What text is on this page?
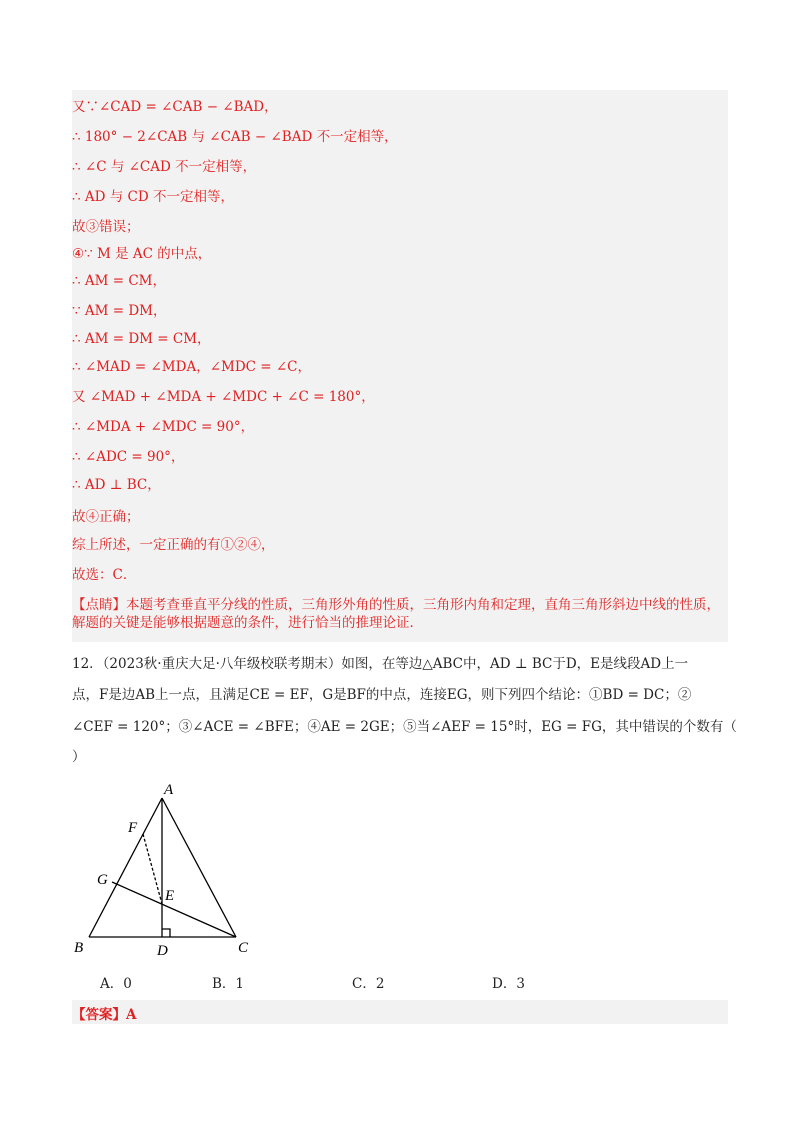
又∵∠CAD = ∠CAB − ∠BAD，
∴ 180° − 2∠CAB 与 ∠CAB − ∠BAD 不一定相等，
∴ ∠C 与 ∠CAD 不一定相等，
∴ AD 与 CD 不一定相等，
故③错误；
④∵ M 是 AC 的中点，
∴ AM = CM，
∵ AM = DM，
∴ AM = DM = CM，
∴ ∠MAD = ∠MDA，∠MDC = ∠C，
又 ∠MAD + ∠MDA + ∠MDC + ∠C = 180°，
∴ ∠MDA + ∠MDC = 90°，
∴ ∠ADC = 90°，
∴ AD ⊥ BC，
故④正确；
综上所述，一定正确的有①②④，
故选：C．
【点睛】本题考查垂直平分线的性质，三角形外角的性质，三角形内角和定理，直角三角形斜边中线的性质，解题的关键是能够根据题意的条件，进行恰当的推理论证．
12．（2023秋·重庆大足·八年级校联考期末）如图，在等边△ABC中，AD ⊥ BC于D，E是线段AD上一
点，F是边AB上一点，且满足CE = EF，G是BF的中点，连接EG，则下列四个结论：①BD = DC；②
∠CEF = 120°；③∠ACE = ∠BFE；④AE = 2GE；⑤当∠AEF = 15°时，EG = FG，其中错误的个数有（
）
A
B	C
D
E
F
G
A．0	B．1	C．2	D．3
【答案】A
